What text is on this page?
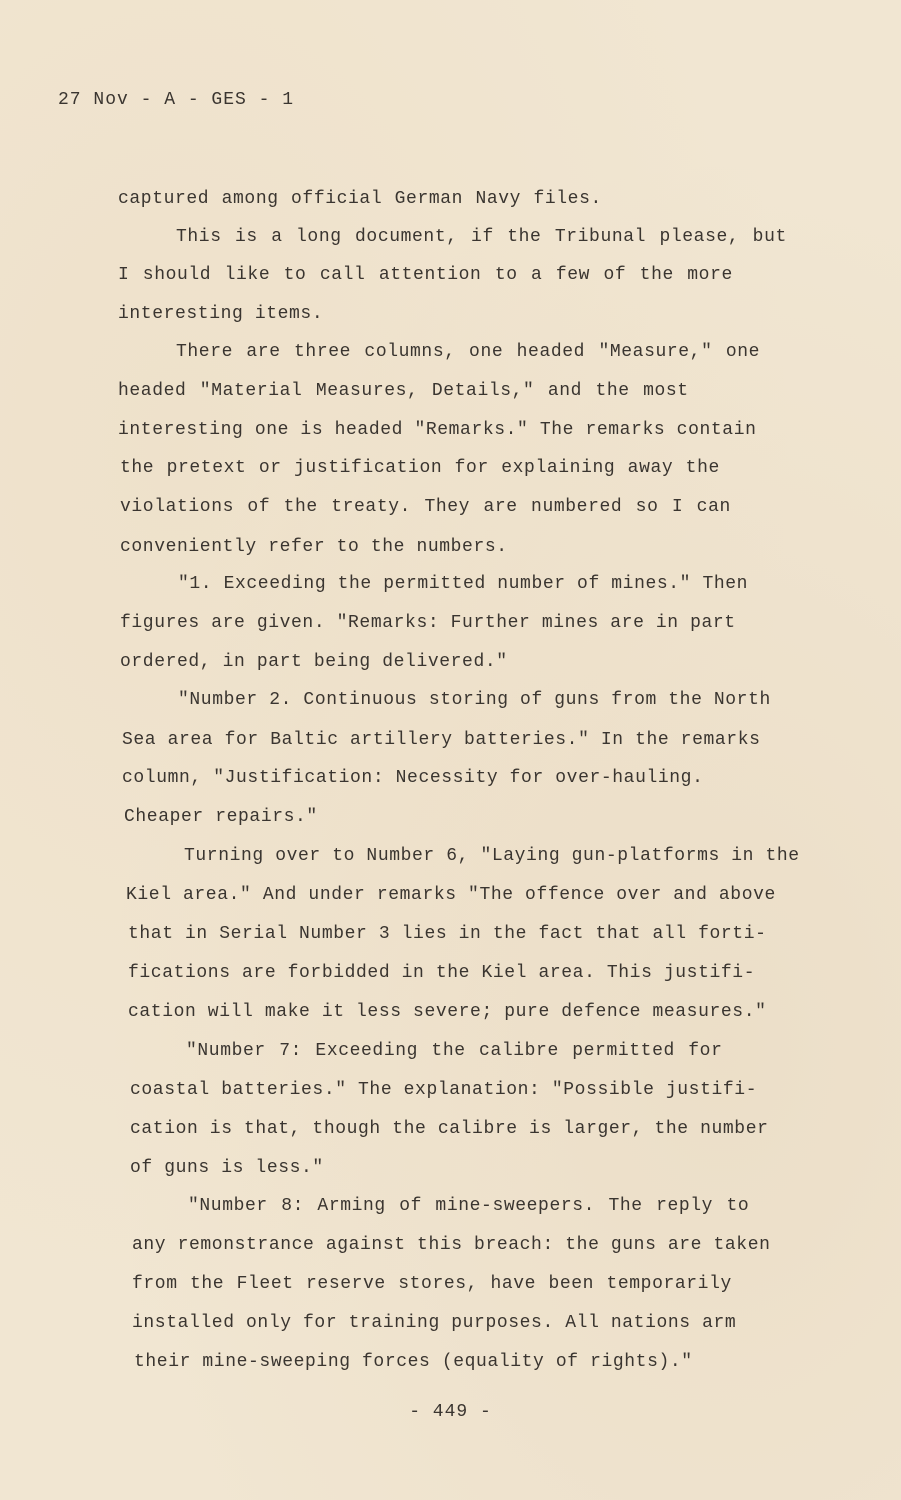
27 Nov - A - GES - 1
captured among official German Navy files.
This is a long document, if the Tribunal please, but
I should like to call attention to a few of the more
interesting items.
There are three columns, one headed "Measure," one
headed "Material Measures, Details," and the most
interesting one is headed "Remarks." The remarks contain
the pretext or justification for explaining away the
violations of the treaty. They are numbered so I can
conveniently refer to the numbers.
"1. Exceeding the permitted number of mines." Then
figures are given. "Remarks: Further mines are in part
ordered, in part being delivered."
"Number 2. Continuous storing of guns from the North
Sea area for Baltic artillery batteries." In the remarks
column, "Justification: Necessity for over-hauling.
Cheaper repairs."
Turning over to Number 6, "Laying gun-platforms in the
Kiel area." And under remarks "The offence over and above
that in Serial Number 3 lies in the fact that all forti-
fications are forbidded in the Kiel area. This justifi-
cation will make it less severe; pure defence measures."
"Number 7: Exceeding the calibre permitted for
coastal batteries." The explanation: "Possible justifi-
cation is that, though the calibre is larger, the number
of guns is less."
"Number 8: Arming of mine-sweepers. The reply to
any remonstrance against this breach: the guns are taken
from the Fleet reserve stores, have been temporarily
installed only for training purposes. All nations arm
their mine-sweeping forces (equality of rights)."
- 449 -
